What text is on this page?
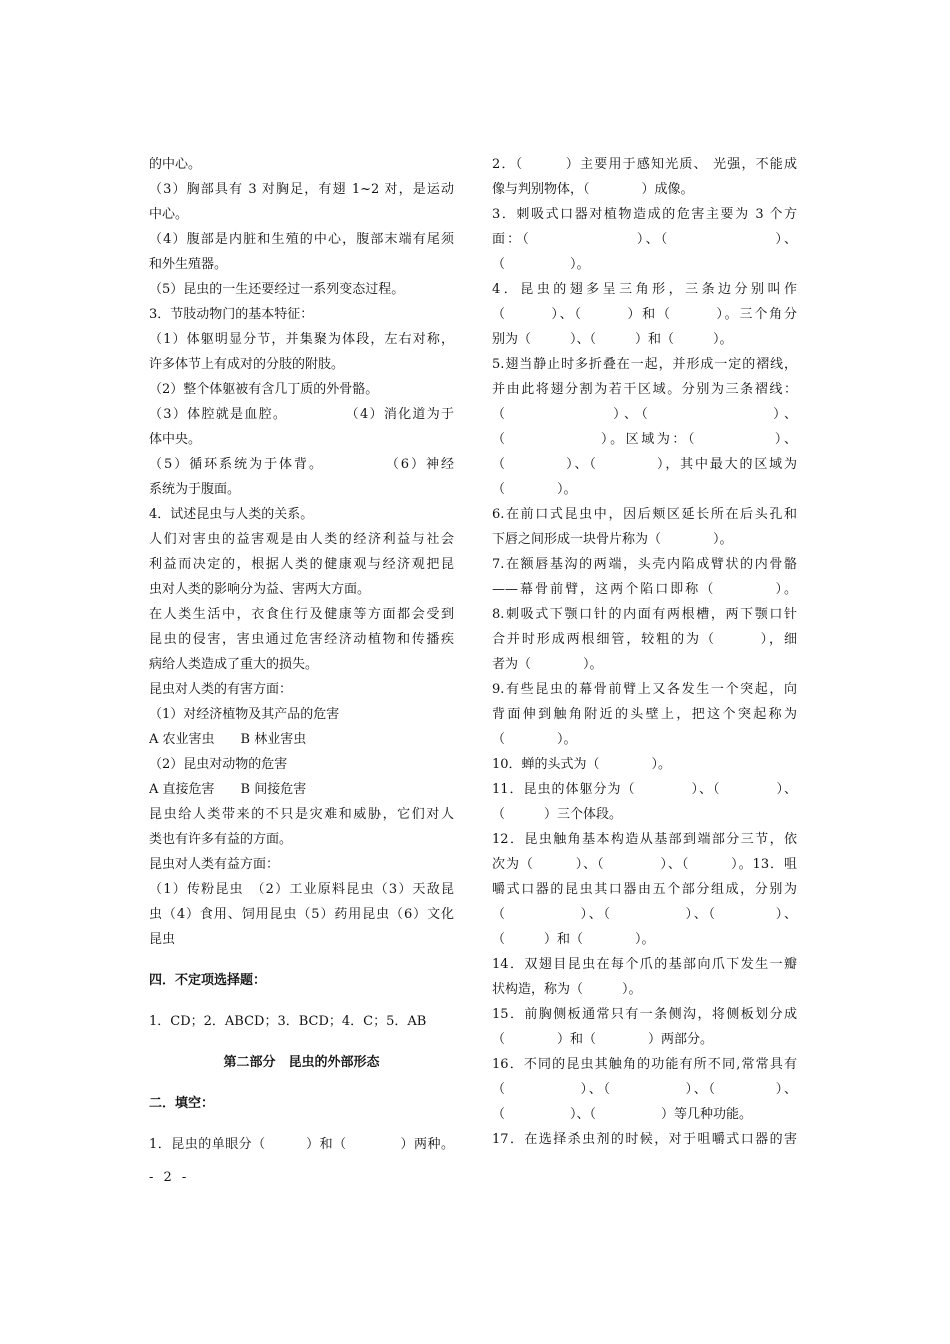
的中心。
（3）胸部具有 3 对胸足，有翅 1~2 对，是运动
中心。
（4）腹部是内脏和生殖的中心，腹部末端有尾须
和外生殖器。
（5）昆虫的一生还要经过一系列变态过程。
3．节肢动物门的基本特征：
（1）体躯明显分节，并集聚为体段，左右对称，
许多体节上有成对的分肢的附肢。
（2）整个体躯被有含几丁质的外骨骼。
（3）体腔就是血腔。　　　　　（4）消化道为于
体中央。
（5）循环系统为于体背。　　　　　（6）神经
系统为于腹面。
4．试述昆虫与人类的关系。
人们对害虫的益害观是由人类的经济利益与社会
利益而决定的，根据人类的健康观与经济观把昆
虫对人类的影响分为益、害两大方面。
在人类生活中，衣食住行及健康等方面都会受到
昆虫的侵害，害虫通过危害经济动植物和传播疾
病给人类造成了重大的损失。
昆虫对人类的有害方面：
（1）对经济植物及其产品的危害
A 农业害虫　　B 林业害虫
（2）昆虫对动物的危害
A 直接危害　　B 间接危害
昆虫给人类带来的不只是灾难和威胁，它们对人
类也有许多有益的方面。
昆虫对人类有益方面：
（1）传粉昆虫　（2）工业原料昆虫（3）天敌昆
虫（4）食用、饲用昆虫（5）药用昆虫（6）文化
昆虫
四．不定项选择题：
1．CD；2．ABCD；3．BCD；4．C；5．AB
第二部分　昆虫的外部形态
二．填空：
1．昆虫的单眼分（　　　）和（　　　　）两种。
2．（　　　）主要用于感知光质、 光强，不能成
像与判别物体，（　　　　）成像。
3．刺吸式口器对植物造成的危害主要为 3 个方
面：（　　　　　　　）、（　　　　　　　）、
（　　　　　）。
4．昆虫的翅多呈三角形，三条边分别叫作
（　　　）、（　　　）和（　　　）。三个角分
别为（　　　）、（　　　）和（　　　）。
5.翅当静止时多折叠在一起，并形成一定的褶线，
并由此将翅分割为若干区域。分别为三条褶线：
（　　　　　　）、（　　　　　　　）、
（　　　　　　）。区域为：（　　　　　）、
（　　　　）、（　　　　），其中最大的区域为
（　　　　）。
6.在前口式昆虫中，因后颊区延长所在后头孔和
下唇之间形成一块骨片称为（　　　　）。
7.在额唇基沟的两端，头壳内陷成臂状的内骨骼
——幕骨前臂，这两个陷口即称（　　　　）。
8.刺吸式下颚口针的内面有两根槽，两下颚口针
合并时形成两根细管，较粗的为（　　　），细
者为（　　　　）。
9.有些昆虫的幕骨前臂上又各发生一个突起，向
背面伸到触角附近的头壁上，把这个突起称为
（　　　　）。
10．蝉的头式为（　　　　）。
11．昆虫的体躯分为（　　　　）、（　　　　）、
（　　　）三个体段。
12．昆虫触角基本构造从基部到端部分三节，依
次为（　　　）、（　　　　）、（　　　）。13．咀
嚼式口器的昆虫其口器由五个部分组成，分别为
（　　　　　）、（　　　　　）、（　　　　）、
（　　　）和（　　　　）。
14．双翅目昆虫在每个爪的基部向爪下发生一瓣
状构造，称为（　　　）。
15．前胸侧板通常只有一条侧沟，将侧板划分成
（　　　　）和（　　　　）两部分。
16．不同的昆虫其触角的功能有所不同,常常具有
（　　　　　）、（　　　　　）、（　　　　）、
（　　　　　）、（　　　　　）等几种功能。
17．在选择杀虫剂的时候，对于咀嚼式口器的害
- 2 -
